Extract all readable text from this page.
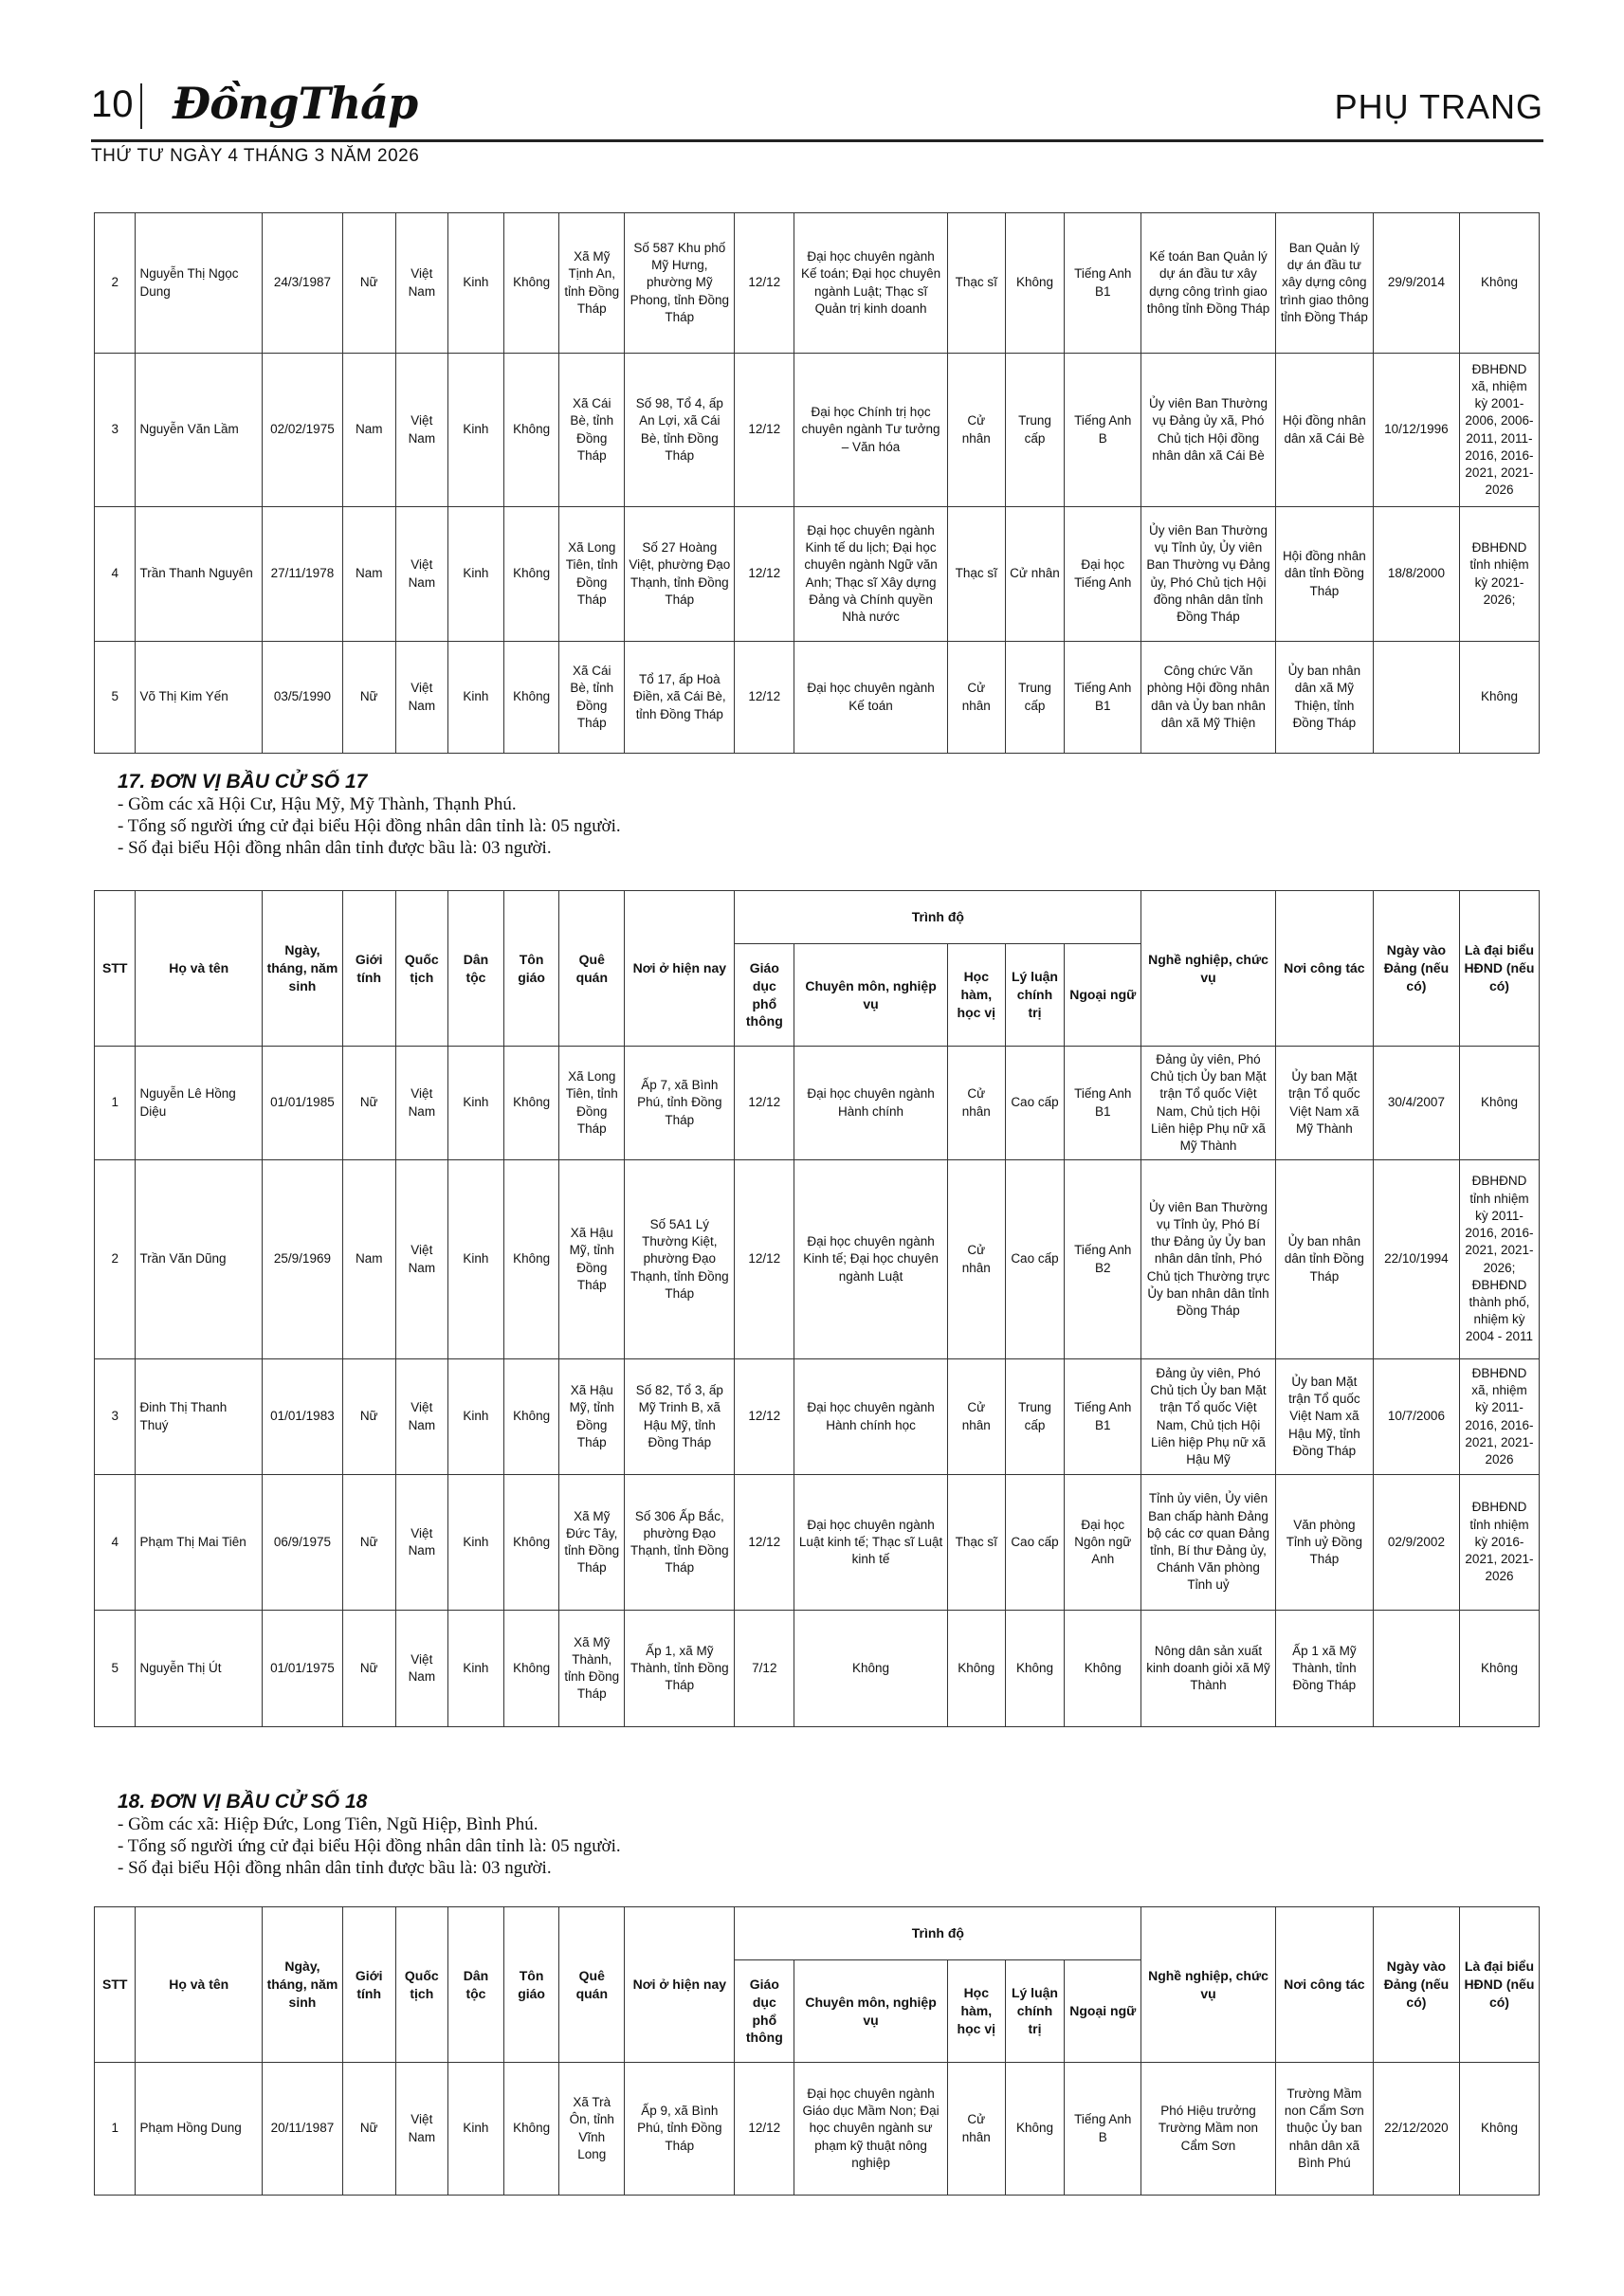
10 ĐồngTháp	PHỤ TRANG
THỨ TƯ NGÀY 4 THÁNG 3 NĂM 2026
2	Nguyễn Thị Ngọc Dung	24/3/1987	Nữ	Việt Nam	Kinh	Không	Xã Mỹ Tịnh An, tỉnh Đồng Tháp	Số 587 Khu phố Mỹ Hưng, phường Mỹ Phong, tỉnh Đồng Tháp	12/12	Đại học chuyên ngành Kế toán; Đại học chuyên ngành Luật; Thạc sĩ Quản trị kinh doanh	Thạc sĩ	Không	Tiếng Anh B1	Kế toán Ban Quản lý dự án đầu tư xây dựng công trình giao thông tỉnh Đồng Tháp	Ban Quản lý dự án đầu tư xây dựng công trình giao thông tỉnh Đồng Tháp	29/9/2014	Không
3	Nguyễn Văn Lầm	02/02/1975	Nam	Việt Nam	Kinh	Không	Xã Cái Bè, tỉnh Đồng Tháp	Số 98, Tổ 4, ấp An Lợi, xã Cái Bè, tỉnh Đồng Tháp	12/12	Đại học Chính trị học chuyên ngành Tư tưởng – Văn hóa	Cử nhân	Trung cấp	Tiếng Anh B	Ủy viên Ban Thường vụ Đảng ủy xã, Phó Chủ tịch Hội đồng nhân dân xã Cái Bè	Hội đồng nhân dân xã Cái Bè	10/12/1996	ĐBHĐND xã, nhiệm kỳ 2001-2006, 2006-2011, 2011-2016, 2016-2021, 2021-2026
4	Trần Thanh Nguyên	27/11/1978	Nam	Việt Nam	Kinh	Không	Xã Long Tiên, tỉnh Đồng Tháp	Số 27 Hoàng Việt, phường Đạo Thạnh, tỉnh Đồng Tháp	12/12	Đại học chuyên ngành Kinh tế du lịch; Đại học chuyên ngành Ngữ văn Anh; Thạc sĩ Xây dựng Đảng và Chính quyền Nhà nước	Thạc sĩ	Cử nhân	Đại học Tiếng Anh	Ủy viên Ban Thường vụ Tỉnh ủy, Ủy viên Ban Thường vụ Đảng ủy, Phó Chủ tịch Hội đồng nhân dân tỉnh Đồng Tháp	Hội đồng nhân dân tỉnh Đồng Tháp	18/8/2000	ĐBHĐND tỉnh nhiệm kỳ 2021-2026;
5	Võ Thị Kim Yến	03/5/1990	Nữ	Việt Nam	Kinh	Không	Xã Cái Bè, tỉnh Đồng Tháp	Tổ 17, ấp Hoà Điền, xã Cái Bè, tỉnh Đồng Tháp	12/12	Đại học chuyên ngành Kế toán	Cử nhân	Trung cấp	Tiếng Anh B1	Công chức Văn phòng Hội đồng nhân dân và Ủy ban nhân dân xã Mỹ Thiện	Ủy ban nhân dân xã Mỹ Thiện, tỉnh Đồng Tháp		Không
17. ĐƠN VỊ BẦU CỬ SỐ 17
- Gồm các xã Hội Cư, Hậu Mỹ, Mỹ Thành, Thạnh Phú.
- Tổng số người ứng cử đại biểu Hội đồng nhân dân tỉnh là: 05 người.
- Số đại biểu Hội đồng nhân dân tỉnh được bầu là: 03 người.
STT	Họ và tên	Ngày, tháng, năm sinh	Giới tính	Quốc tịch	Dân tộc	Tôn giáo	Quê quán	Nơi ở hiện nay	Trình độ					Nghề nghiệp, chức vụ	Nơi công tác	Ngày vào Đảng (nếu có)	Là đại biểu HĐND (nếu có)
									Giáo dục phổ thông	Chuyên môn, nghiệp vụ	Học hàm, học vị	Lý luận chính trị	Ngoại ngữ				
1	Nguyễn Lê Hồng Diệu	01/01/1985	Nữ	Việt Nam	Kinh	Không	Xã Long Tiên, tỉnh Đồng Tháp	Ấp 7, xã Bình Phú, tỉnh Đồng Tháp	12/12	Đại học chuyên ngành Hành chính	Cử nhân	Cao cấp	Tiếng Anh B1	Đảng ủy viên, Phó Chủ tịch Ủy ban Mặt trận Tổ quốc Việt Nam, Chủ tịch Hội Liên hiệp Phụ nữ xã Mỹ Thành	Ủy ban Mặt trận Tổ quốc Việt Nam xã Mỹ Thành	30/4/2007	Không
2	Trần Văn Dũng	25/9/1969	Nam	Việt Nam	Kinh	Không	Xã Hậu Mỹ, tỉnh Đồng Tháp	Số 5A1 Lý Thường Kiệt, phường Đạo Thạnh, tỉnh Đồng Tháp	12/12	Đại học chuyên ngành Kinh tế; Đại học chuyên ngành Luật	Cử nhân	Cao cấp	Tiếng Anh B2	Ủy viên Ban Thường vụ Tỉnh ủy, Phó Bí thư Đảng ủy Ủy ban nhân dân tỉnh, Phó Chủ tịch Thường trực Ủy ban nhân dân tỉnh Đồng Tháp	Ủy ban nhân dân tỉnh Đồng Tháp	22/10/1994	ĐBHĐND tỉnh nhiệm kỳ 2011-2016, 2016-2021, 2021-2026; ĐBHĐND thành phố, nhiệm kỳ 2004 - 2011
3	Đinh Thị Thanh Thuý	01/01/1983	Nữ	Việt Nam	Kinh	Không	Xã Hậu Mỹ, tỉnh Đồng Tháp	Số 82, Tổ 3, ấp Mỹ Trinh B, xã Hậu Mỹ, tỉnh Đồng Tháp	12/12	Đại học chuyên ngành Hành chính học	Cử nhân	Trung cấp	Tiếng Anh B1	Đảng ủy viên, Phó Chủ tịch Ủy ban Mặt trận Tổ quốc Việt Nam, Chủ tịch Hội Liên hiệp Phụ nữ xã Hậu Mỹ	Ủy ban Mặt trận Tổ quốc Việt Nam xã Hậu Mỹ, tỉnh Đồng Tháp	10/7/2006	ĐBHĐND xã, nhiệm kỳ 2011-2016, 2016-2021, 2021-2026
4	Phạm Thị Mai Tiên	06/9/1975	Nữ	Việt Nam	Kinh	Không	Xã Mỹ Đức Tây, tỉnh Đồng Tháp	Số 306 Ấp Bắc, phường Đạo Thạnh, tỉnh Đồng Tháp	12/12	Đại học chuyên ngành Luật kinh tế; Thạc sĩ Luật kinh tế	Thạc sĩ	Cao cấp	Đại học Ngôn ngữ Anh	Tỉnh ủy viên, Ủy viên Ban chấp hành Đảng bộ các cơ quan Đảng tỉnh, Bí thư Đảng ủy, Chánh Văn phòng Tỉnh uỷ	Văn phòng Tỉnh uỷ Đồng Tháp	02/9/2002	ĐBHĐND tỉnh nhiệm kỳ 2016-2021, 2021-2026
5	Nguyễn Thị Út	01/01/1975	Nữ	Việt Nam	Kinh	Không	Xã Mỹ Thành, tỉnh Đồng Tháp	Ấp 1, xã Mỹ Thành, tỉnh Đồng Tháp	7/12	Không	Không	Không	Không	Nông dân sản xuất kinh doanh giỏi xã Mỹ Thành	Ấp 1 xã Mỹ Thành, tỉnh Đồng Tháp		Không
18. ĐƠN VỊ BẦU CỬ SỐ 18
- Gồm các xã: Hiệp Đức, Long Tiên, Ngũ Hiệp, Bình Phú.
- Tổng số người ứng cử đại biểu Hội đồng nhân dân tỉnh là: 05 người.
- Số đại biểu Hội đồng nhân dân tỉnh được bầu là: 03 người.
STT	Họ và tên	Ngày, tháng, năm sinh	Giới tính	Quốc tịch	Dân tộc	Tôn giáo	Quê quán	Nơi ở hiện nay	Trình độ					Nghề nghiệp, chức vụ	Nơi công tác	Ngày vào Đảng (nếu có)	Là đại biểu HĐND (nếu có)
									Giáo dục phổ thông	Chuyên môn, nghiệp vụ	Học hàm, học vị	Lý luận chính trị	Ngoại ngữ				
1	Phạm Hồng Dung	20/11/1987	Nữ	Việt Nam	Kinh	Không	Xã Trà Ôn, tỉnh Vĩnh Long	Ấp 9, xã Bình Phú, tỉnh Đồng Tháp	12/12	Đại học chuyên ngành Giáo dục Mầm Non; Đại học chuyên ngành sư phạm kỹ thuật nông nghiệp	Cử nhân	Không	Tiếng Anh B	Phó Hiệu trưởng Trường Mầm non Cẩm Sơn	Trường Mầm non Cẩm Sơn thuộc Ủy ban nhân dân xã Bình Phú	22/12/2020	Không
